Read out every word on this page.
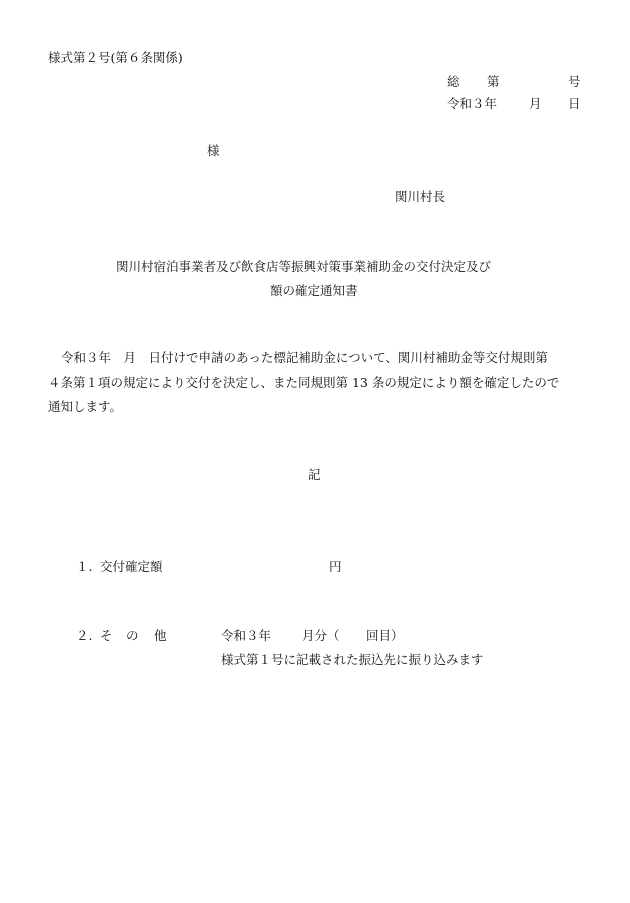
様式第２号(第６条関係)
総 第	号
令和３年	月 日
様
関川村長
関川村宿泊事業者及び飲食店等振興対策事業補助金の交付決定及び
額の確定通知書
令和３年　月　日付けで申請のあった標記補助金について、関川村補助金等交付規則第
４条第１項の規定により交付を決定し、また同規則第 13 条の規定により額を確定したので
通知します。
記
１. 交付確定額	円
２. そ の 他	令和３年 月分（ 回目）
様式第１号に記載された振込先に振り込みます
